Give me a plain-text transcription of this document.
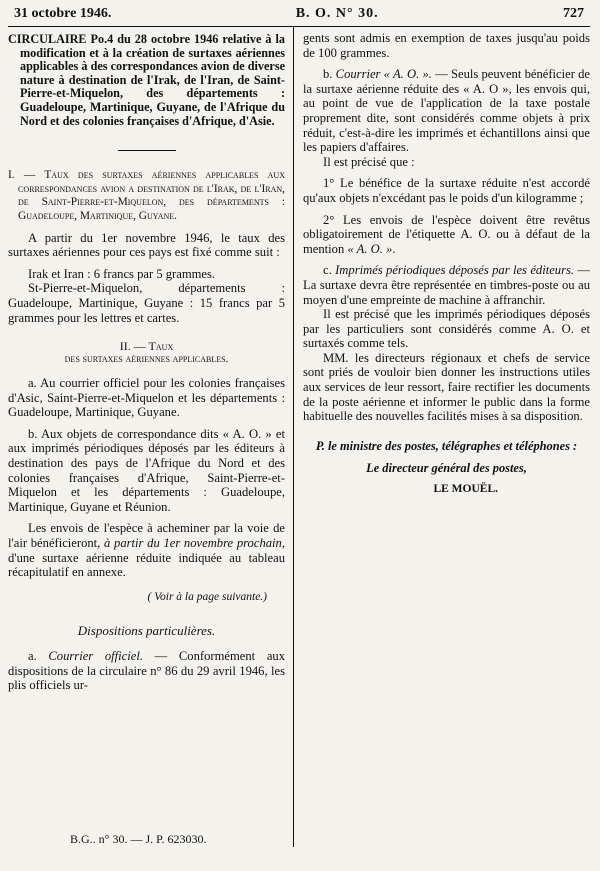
31 octobre 1946.	B. O. N° 30.	727

CIRCULAIRE Po.4 du 28 octobre 1946 relative à la modification et à la création de surtaxes aériennes applicables à des correspondances avion de diverse nature à destination de l'Irak, de l'Iran, de Saint-Pierre-et-Miquelon, des départements : Guadeloupe, Martinique, Guyane, de l'Afrique du Nord et des colonies françaises d'Afrique, d'Asie.

I. — Taux des surtaxes aériennes applicables aux correspondances avion a destination de l'Irak, de l'Iran, de Saint-Pierre-et-Miquelon, des départements : Guadeloupe, Martinique, Guyane.

A partir du 1er novembre 1946, le taux des surtaxes aériennes pour ces pays est fixé comme suit :

Irak et Iran : 6 francs par 5 grammes.

St-Pierre-et-Miquelon, départements : Guadeloupe, Martinique, Guyane : 15 francs par 5 grammes pour les lettres et cartes.

II. — Taux

des surtaxes aériennes applicables.

a. Au courrier officiel pour les colonies françaises d'Asic, Saint-Pierre-et-Miquelon et les départements : Guadeloupe, Martinique, Guyane.

b. Aux objets de correspondance dits « A. O. » et aux imprimés périodiques déposés par les éditeurs à destination des pays de l'Afrique du Nord et des colonies françaises d'Afrique, Saint-Pierre-et-Miquelon et les départements : Guadeloupe, Martinique, Guyane et Réunion.

Les envois de l'espèce à acheminer par la voie de l'air bénéficieront, à partir du 1er novembre prochain, d'une surtaxe aérienne réduite indiquée au tableau récapitulatif en annexe.

( Voir à la page suivante.)

Dispositions particulières.

a. Courrier officiel. — Conformément aux dispositions de la circulaire n° 86 du 29 avril 1946, les plis officiels ur-

B.G.. n° 30. — J. P. 623030.

gents sont admis en exemption de taxes jusqu'au poids de 100 grammes.

b. Courrier « A. O. ». — Seuls peuvent bénéficier de la surtaxe aérienne réduite des « A. O », les envois qui, au point de vue de l'application de la taxe postale proprement dite, sont considérés comme objets à prix réduit, c'est-à-dire les imprimés et échantillons ainsi que les papiers d'affaires.

Il est précisé que :

1° Le bénéfice de la surtaxe réduite n'est accordé qu'aux objets n'excédant pas le poids d'un kilogramme ;

2° Les envois de l'espèce doivent être revêtus obligatoirement de l'étiquette A. O. ou à défaut de la mention « A. O. ».

c. Imprimés périodiques déposés par les éditeurs. — La surtaxe devra être représentée en timbres-poste ou au moyen d'une empreinte de machine à affranchir.

Il est précisé que les imprimés périodiques déposés par les particuliers sont considérés comme A. O. et surtaxés comme tels.

MM. les directeurs régionaux et chefs de service sont priés de vouloir bien donner les instructions utiles aux services de leur ressort, faire rectifier les documents de la poste aérienne et informer le public dans la forme habituelle des nouvelles facilités mises à sa disposition.

P. le ministre des postes, télégraphes et téléphones :

Le directeur général des postes,

LE MOUËL.
